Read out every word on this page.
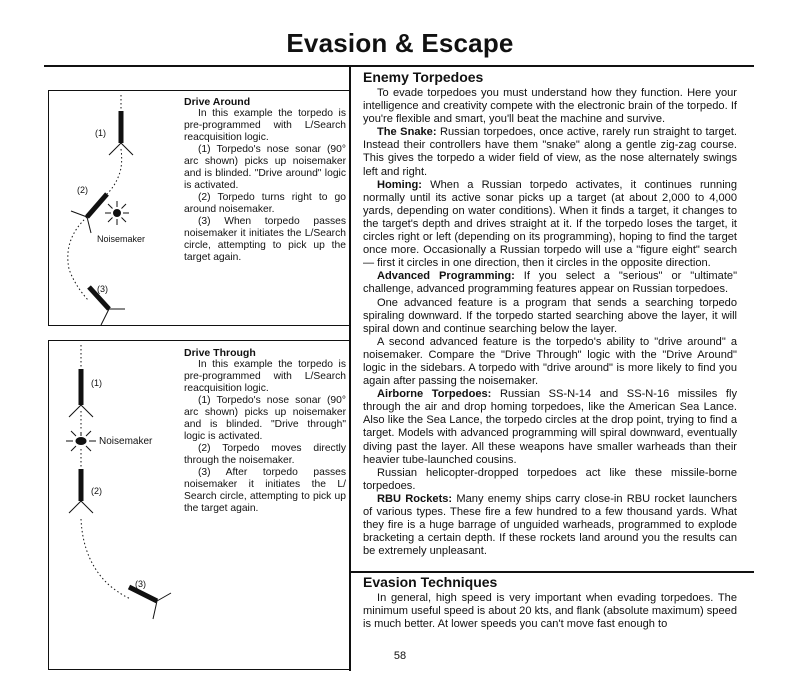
Evasion & Escape
(1)
(2)
Noisemaker
(3)
Drive Around

In this example the torpedo is pre-programmed with L/Search reacquisition logic.

(1) Torpedo's nose sonar (90° arc shown) picks up noisemaker and is blinded. "Drive around" logic is activated.

(2) Torpedo turns right to go around noisemaker.

(3) When torpedo passes noisemaker it initiates the L/Search circle, attempting to pick up the target again.

(1)
Noisemaker
(2)
(3)
Drive Through

In this example the torpedo is pre-programmed with L/Search reacquisition logic.

(1) Torpedo's nose sonar (90° arc shown) picks up noisemaker and is blinded. "Drive through" logic is activated.

(2) Torpedo moves directly through the noisemaker.

(3) After torpedo passes noisemaker it initiates the L/ Search circle, attempting to pick up the target again.

Enemy Torpedoes

To evade torpedoes you must understand how they function. Here your intelligence and creativity compete with the electronic brain of the torpedo. If you're flexible and smart, you'll beat the machine and survive.

The Snake: Russian torpedoes, once active, rarely run straight to target. Instead their controllers have them "snake" along a gentle zig-zag course. This gives the torpedo a wider field of view, as the nose alternately swings left and right.

Homing: When a Russian torpedo activates, it continues running normally until its active sonar picks up a target (at about 2,000 to 4,000 yards, depending on water conditions). When it finds a target, it changes to the target's depth and drives straight at it. If the torpedo loses the target, it circles right or left (depending on its programming), hoping to find the target once more. Occasionally a Russian torpedo will use a "figure eight" search — first it circles in one direction, then it circles in the opposite direction.

Advanced Programming: If you select a "serious" or "ultimate" challenge, advanced programming features appear on Russian torpedoes.

One advanced feature is a program that sends a searching torpedo spiraling downward. If the torpedo started searching above the layer, it will spiral down and continue searching below the layer.

A second advanced feature is the torpedo's ability to "drive around" a noisemaker. Compare the "Drive Through" logic with the "Drive Around" logic in the sidebars. A torpedo with "drive around" is more likely to find you again after passing the noisemaker.

Airborne Torpedoes: Russian SS-N-14 and SS-N-16 missiles fly through the air and drop homing torpedoes, like the American Sea Lance. Also like the Sea Lance, the torpedo circles at the drop point, trying to find a target. Models with advanced programming will spiral downward, eventually diving past the layer. All these weapons have smaller warheads than their heavier tube-launched cousins.

Russian helicopter-dropped torpedoes act like these missile-borne torpedoes.

RBU Rockets: Many enemy ships carry close-in RBU rocket launchers of various types. These fire a few hundred to a few thousand yards. What they fire is a huge barrage of unguided warheads, programmed to explode bracketing a certain depth. If these rockets land around you the results can be extremely unpleasant.

Evasion Techniques

In general, high speed is very important when evading torpedoes. The minimum useful speed is about 20 kts, and flank (absolute maximum) speed is much better. At lower speeds you can't move fast enough to

58
